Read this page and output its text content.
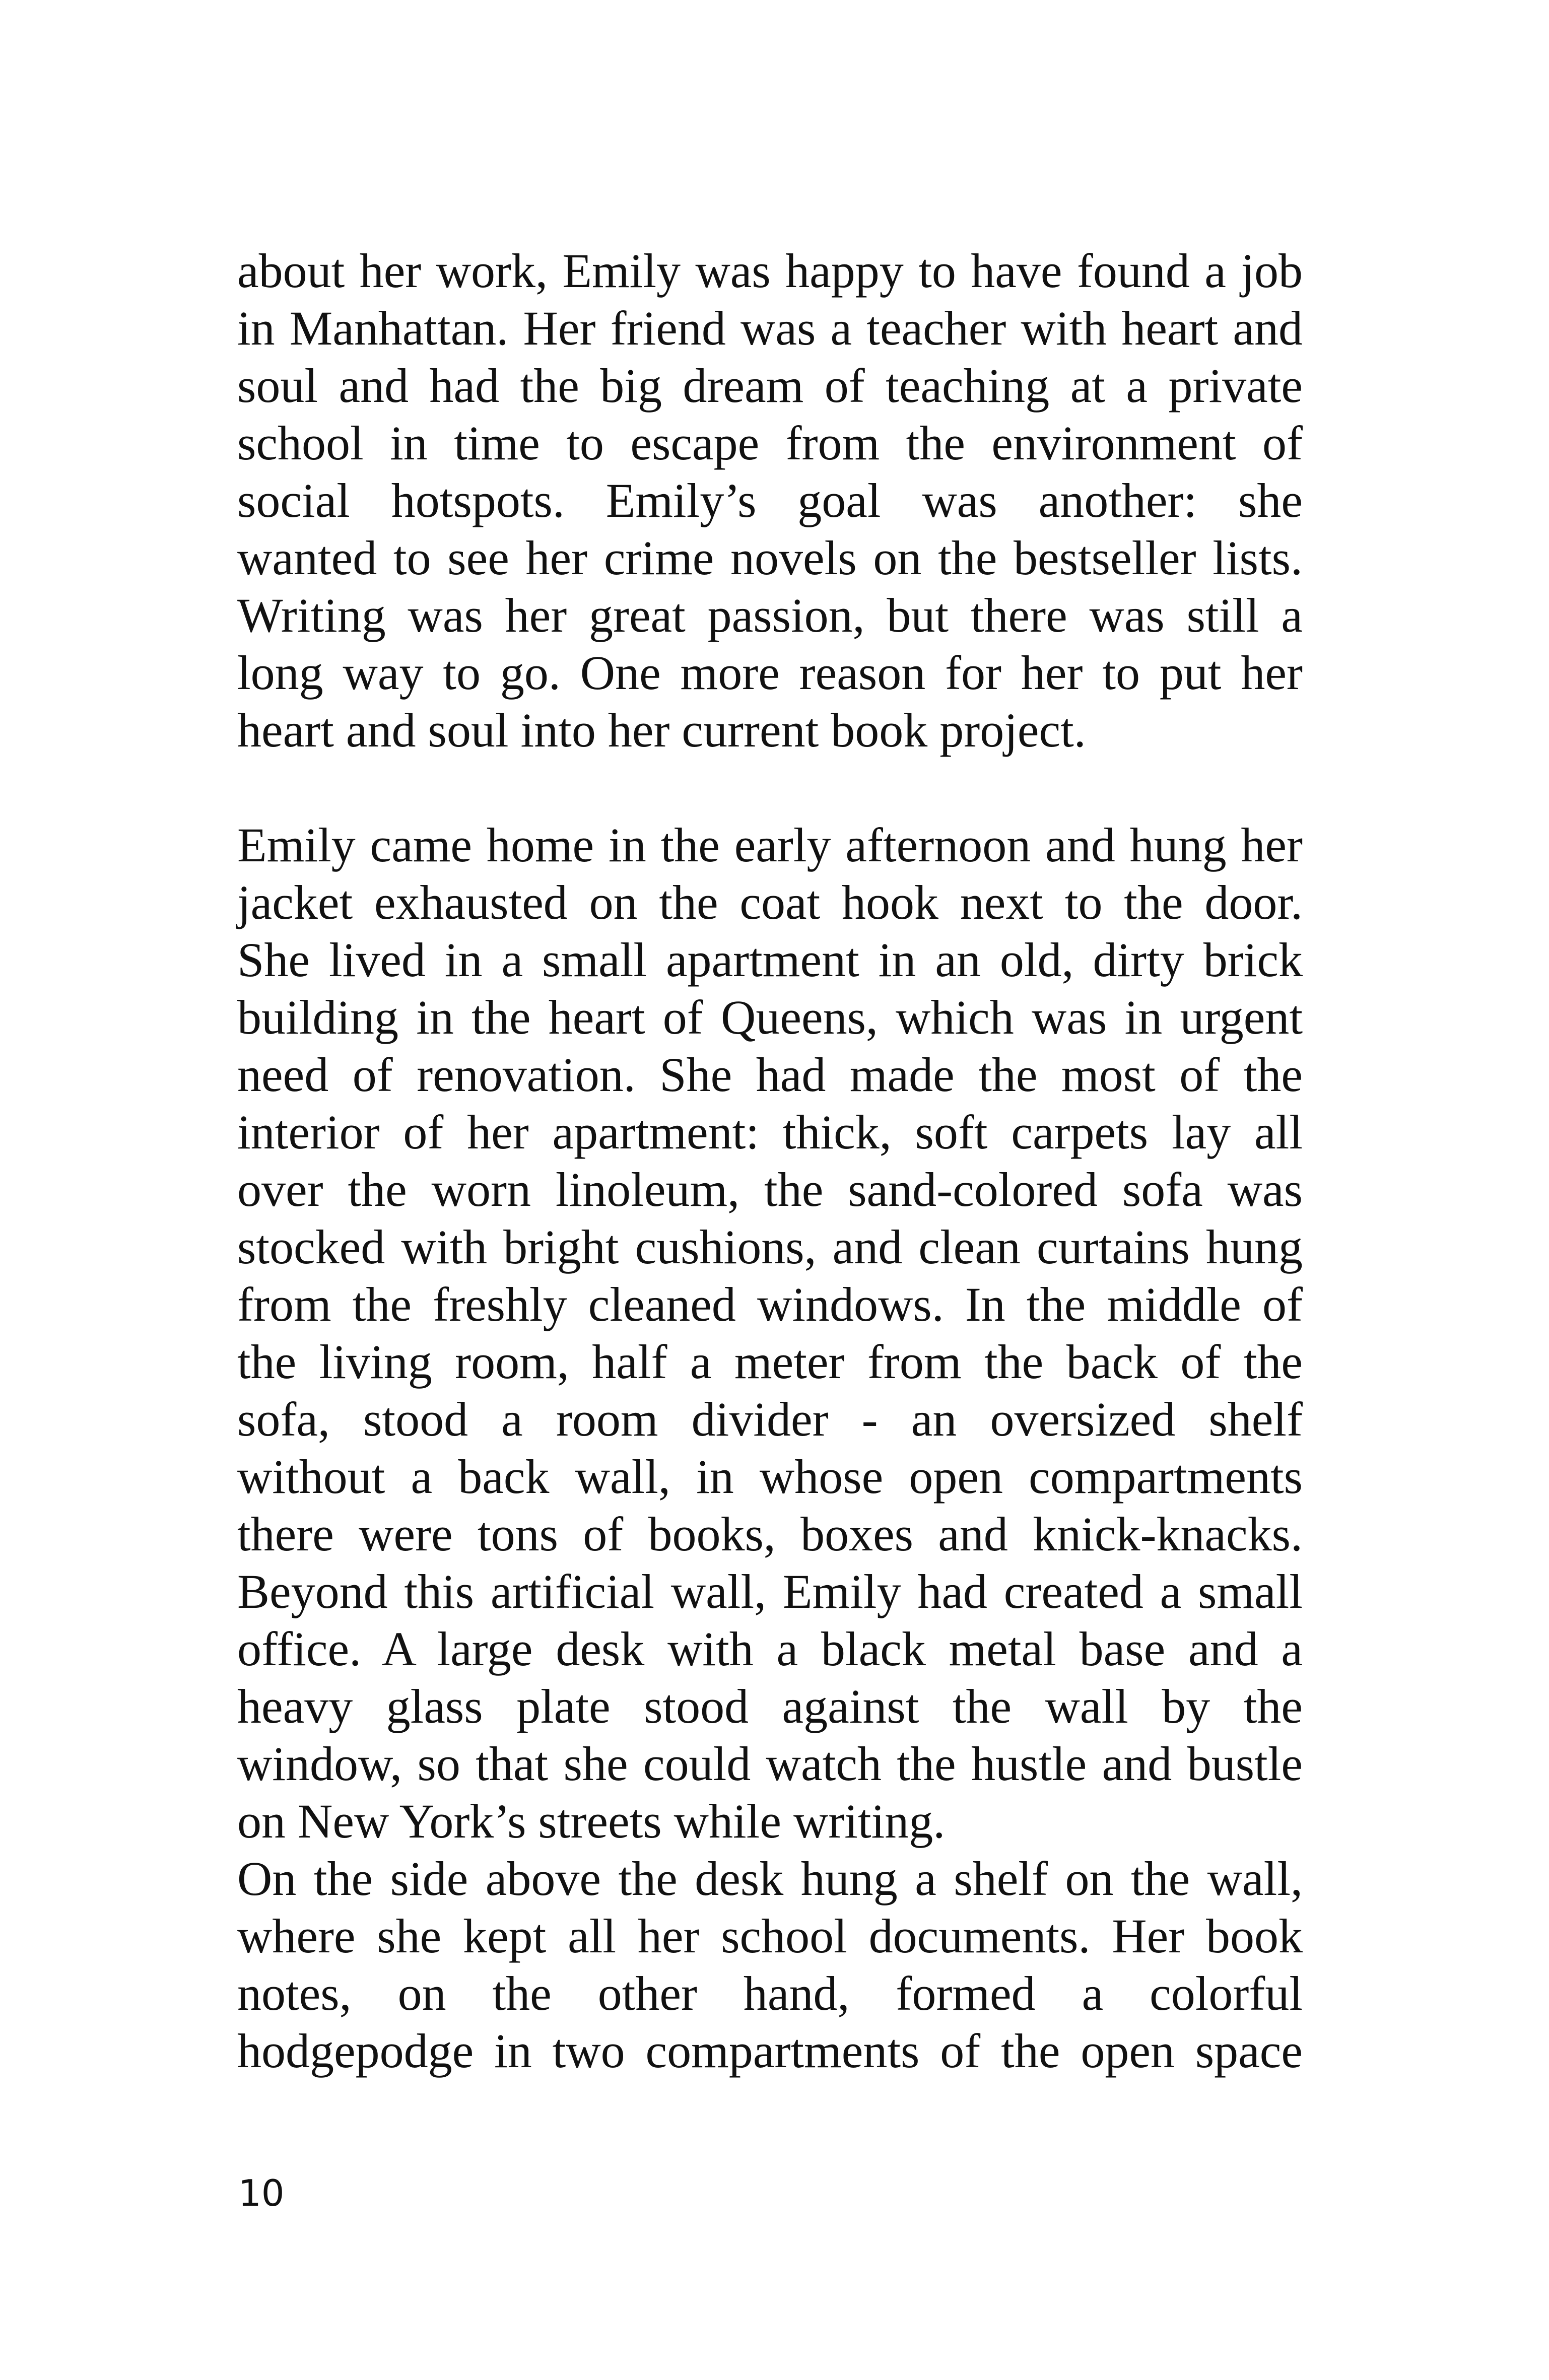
about her work, Emily was happy to have found a job
in Manhattan. Her friend was a teacher with heart and
soul and had the big dream of teaching at a private
school in time to escape from the environment of
social hotspots. Emily’s goal was another: she
wanted to see her crime novels on the bestseller lists.
Writing was her great passion, but there was still a
long way to go. One more reason for her to put her
heart and soul into her current book project.
Emily came home in the early afternoon and hung her
jacket exhausted on the coat hook next to the door.
She lived in a small apartment in an old, dirty brick
building in the heart of Queens, which was in urgent
need of renovation. She had made the most of the
interior of her apartment: thick, soft carpets lay all
over the worn linoleum, the sand-colored sofa was
stocked with bright cushions, and clean curtains hung
from the freshly cleaned windows. In the middle of
the living room, half a meter from the back of the
sofa, stood a room divider - an oversized shelf
without a back wall, in whose open compartments
there were tons of books, boxes and knick-knacks.
Beyond this artificial wall, Emily had created a small
office. A large desk with a black metal base and a
heavy glass plate stood against the wall by the
window, so that she could watch the hustle and bustle
on New York’s streets while writing.
On the side above the desk hung a shelf on the wall,
where she kept all her school documents. Her book
notes, on the other hand, formed a colorful
hodgepodge in two compartments of the open space
10
